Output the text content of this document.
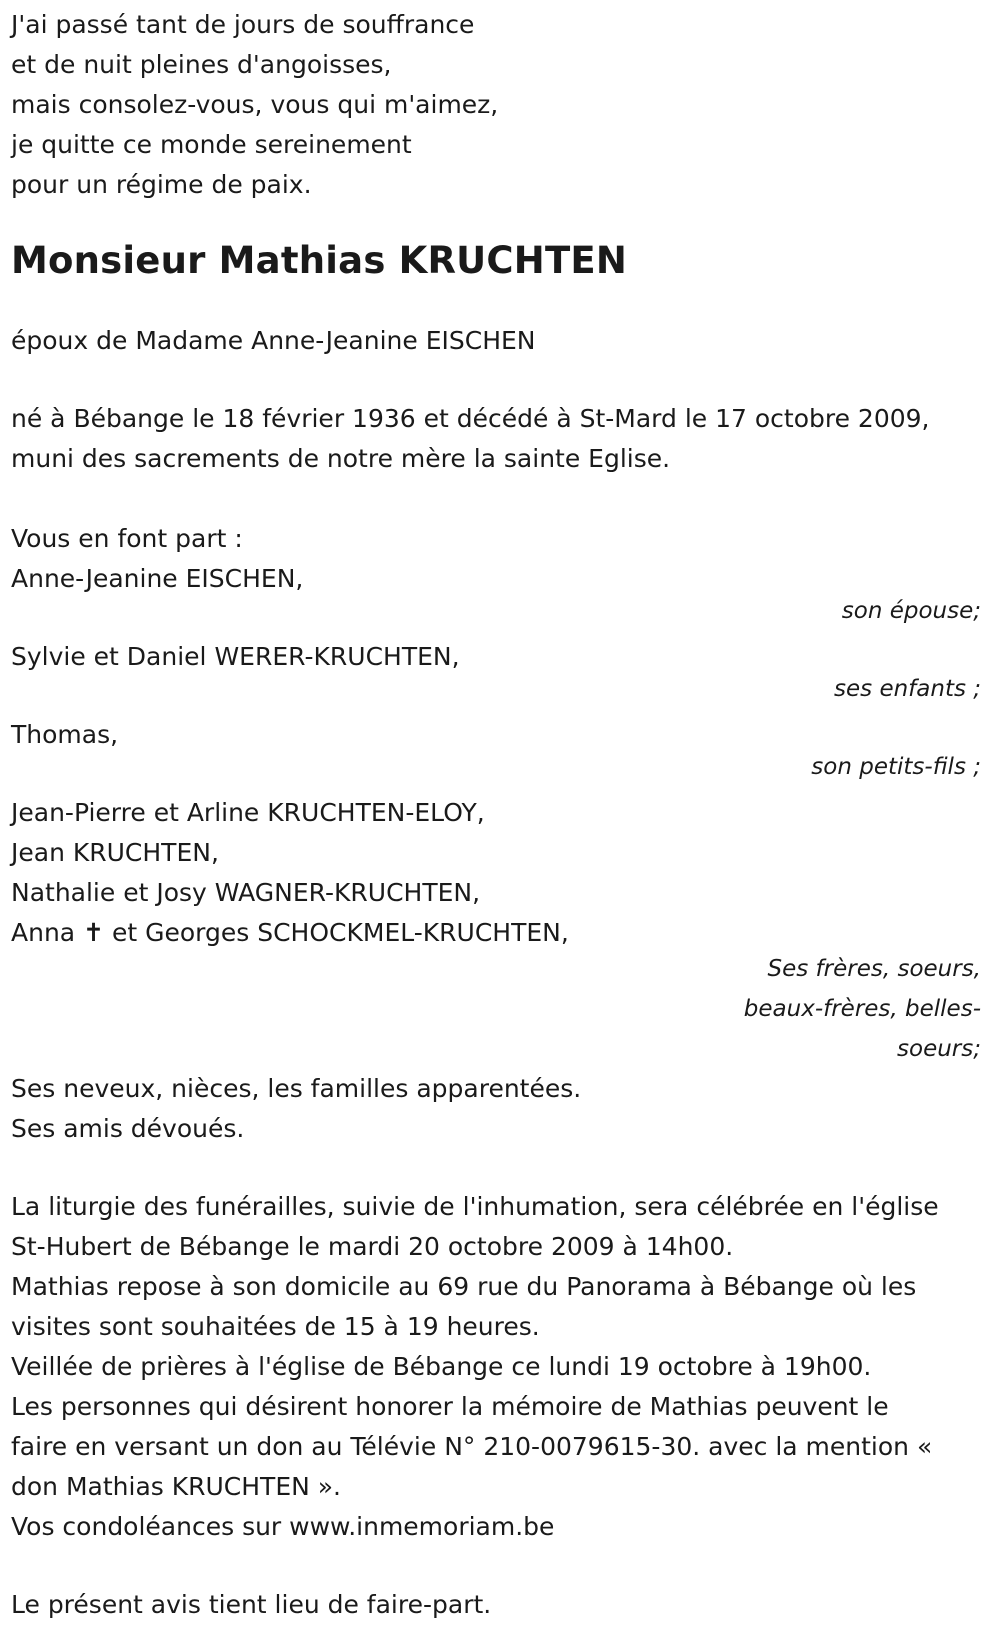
J'ai passé tant de jours de souffrance
et de nuit pleines d'angoisses,
mais consolez-vous, vous qui m'aimez,
je quitte ce monde sereinement
pour un régime de paix.
Monsieur Mathias KRUCHTEN
époux de Madame Anne-Jeanine EISCHEN
né à Bébange le 18 février 1936 et décédé à St-Mard le 17 octobre 2009,
muni des sacrements de notre mère la sainte Eglise.
Vous en font part :
Anne-Jeanine EISCHEN,
son épouse;
Sylvie et Daniel WERER-KRUCHTEN,
ses enfants ;
Thomas,
son petits-fils ;
Jean-Pierre et Arline KRUCHTEN-ELOY,
Jean KRUCHTEN,
Nathalie et Josy WAGNER-KRUCHTEN,
Anna ✝ et Georges SCHOCKMEL-KRUCHTEN,
Ses frères, soeurs,
beaux-frères, belles-
soeurs;
Ses neveux, nièces, les familles apparentées.
Ses amis dévoués.
La liturgie des funérailles, suivie de l'inhumation, sera célébrée en l'église
St-Hubert de Bébange le mardi 20 octobre 2009 à 14h00.
Mathias repose à son domicile au 69 rue du Panorama à Bébange où les
visites sont souhaitées de 15 à 19 heures.
Veillée de prières à l'église de Bébange ce lundi 19 octobre à 19h00.
Les personnes qui désirent honorer la mémoire de Mathias peuvent le
faire en versant un don au Télévie N° 210-0079615-30. avec la mention «
don Mathias KRUCHTEN ».
Vos condoléances sur www.inmemoriam.be
Le présent avis tient lieu de faire-part.
